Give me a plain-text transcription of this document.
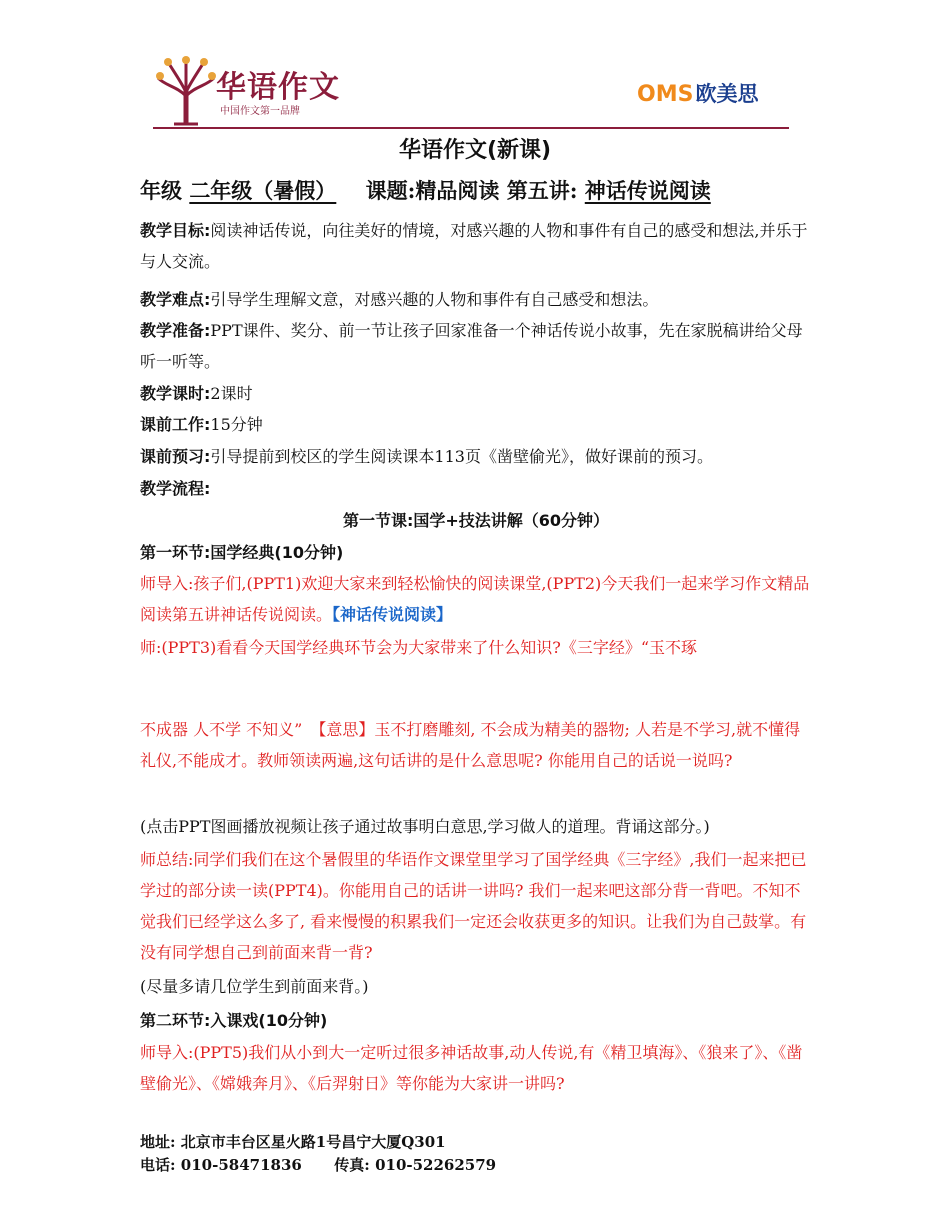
华语作文
中国作文第一品牌
OMS欧美思
华语作文(新课)
年级 二年级（暑假） 课题:精品阅读 第五讲: 神话传说阅读
教学目标:阅读神话传说，向往美好的情境，对感兴趣的人物和事件有自己的感受和想法,并乐于与人交流。
教学难点:引导学生理解文意，对感兴趣的人物和事件有自己感受和想法。
教学准备:PPT课件、奖分、前一节让孩子回家准备一个神话传说小故事，先在家脱稿讲给父母听一听等。
教学课时:2课时
课前工作:15分钟
课前预习:引导提前到校区的学生阅读课本113页《凿壁偷光》，做好课前的预习。
教学流程:
第一节课:国学+技法讲解（60分钟）
第一环节:国学经典(10分钟)
师导入:孩子们,(PPT1)欢迎大家来到轻松愉快的阅读课堂,(PPT2)今天我们一起来学习作文精品阅读第五讲神话传说阅读。【神话传说阅读】
师:(PPT3)看看今天国学经典环节会为大家带来了什么知识?《三字经》“玉不琢
不成器 人不学 不知义”　【意思】玉不打磨雕刻, 不会成为精美的器物; 人若是不学习,就不懂得礼仪,不能成才。教师领读两遍,这句话讲的是什么意思呢? 你能用自己的话说一说吗?
(点击PPT图画播放视频让孩子通过故事明白意思,学习做人的道理。背诵这部分。)
师总结:同学们我们在这个暑假里的华语作文课堂里学习了国学经典《三字经》,我们一起来把已学过的部分读一读(PPT4)。你能用自己的话讲一讲吗? 我们一起来吧这部分背一背吧。不知不觉我们已经学这么多了, 看来慢慢的积累我们一定还会收获更多的知识。让我们为自己鼓掌。有没有同学想自己到前面来背一背?
(尽量多请几位学生到前面来背。)
第二环节:入课戏(10分钟)
师导入:(PPT5)我们从小到大一定听过很多神话故事,动人传说,有《精卫填海》、《狼来了》、《凿壁偷光》、《嫦娥奔月》、《后羿射日》等你能为大家讲一讲吗?
地址: 北京市丰台区星火路1号昌宁大厦Q301
电话: 010-58471836 传真: 010-52262579
